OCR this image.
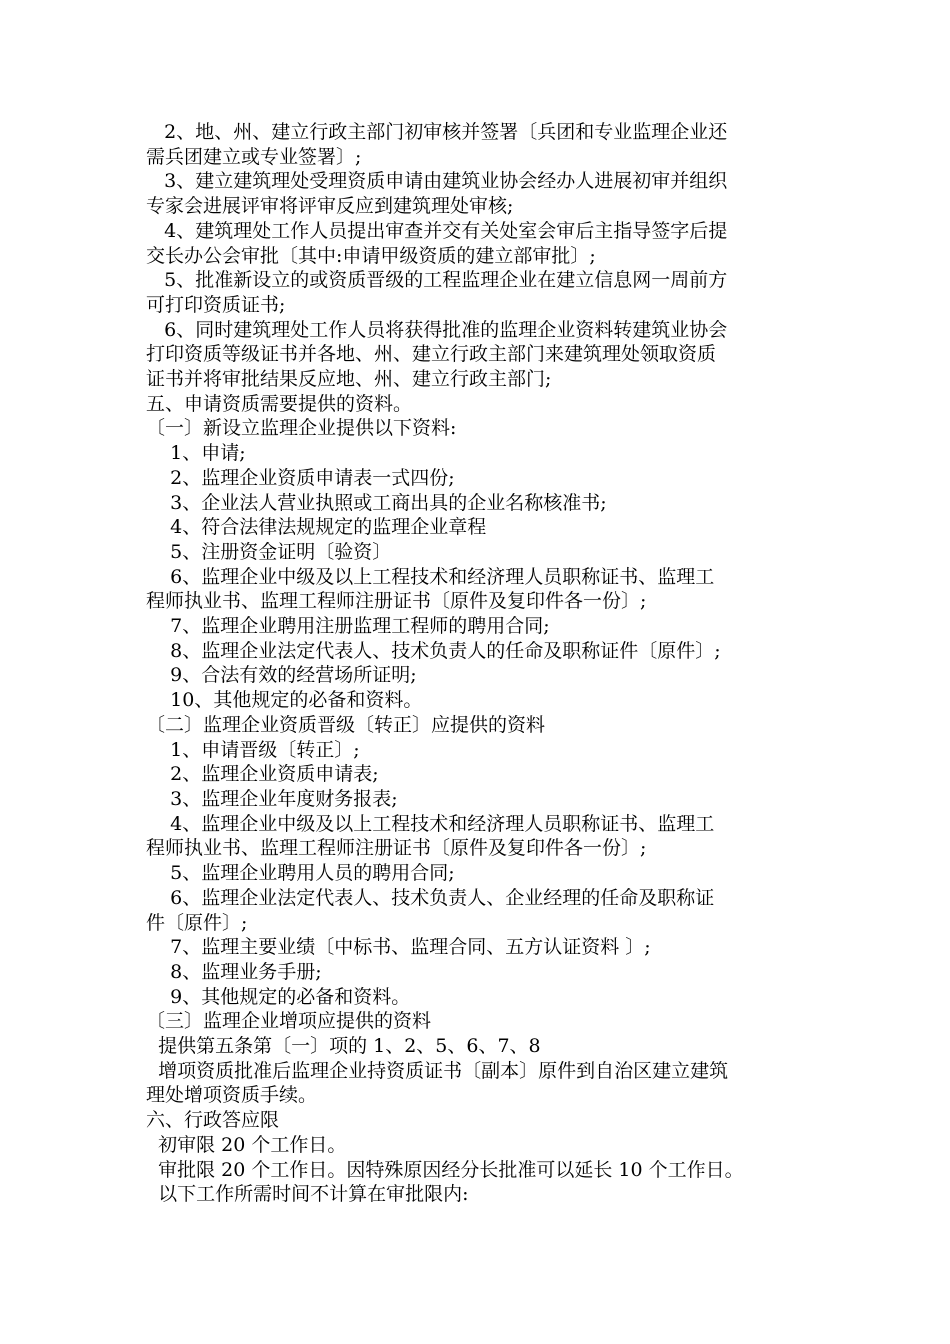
2、地、州、建立行政主部门初审核并签署〔兵团和专业监理企业还
需兵团建立或专业签署〕;
3、建立建筑理处受理资质申请由建筑业协会经办人进展初审并组织
专家会进展评审将评审反应到建筑理处审核;
4、建筑理处工作人员提出审查并交有关处室会审后主指导签字后提
交长办公会审批〔其中:申请甲级资质的建立部审批〕;
5、批准新设立的或资质晋级的工程监理企业在建立信息网一周前方
可打印资质证书;
6、同时建筑理处工作人员将获得批准的监理企业资料转建筑业协会
打印资质等级证书并各地、州、建立行政主部门来建筑理处领取资质
证书并将审批结果反应地、州、建立行政主部门;
五、申请资质需要提供的资料。
〔一〕新设立监理企业提供以下资料:
1、申请;
2、监理企业资质申请表一式四份;
3、企业法人营业执照或工商出具的企业名称核准书;
4、符合法律法规规定的监理企业章程
5、注册资金证明〔验资〕
6、监理企业中级及以上工程技术和经济理人员职称证书、监理工
程师执业书、监理工程师注册证书〔原件及复印件各一份〕;
7、监理企业聘用注册监理工程师的聘用合同;
8、监理企业法定代表人、技术负责人的任命及职称证件〔原件〕;
9、合法有效的经营场所证明;
10、其他规定的必备和资料。
〔二〕监理企业资质晋级〔转正〕应提供的资料
1、申请晋级〔转正〕;
2、监理企业资质申请表;
3、监理企业年度财务报表;
4、监理企业中级及以上工程技术和经济理人员职称证书、监理工
程师执业书、监理工程师注册证书〔原件及复印件各一份〕;
5、监理企业聘用人员的聘用合同;
6、监理企业法定代表人、技术负责人、企业经理的任命及职称证
件〔原件〕;
7、监理主要业绩〔中标书、监理合同、五方认证资料 〕;
8、监理业务手册;
9、其他规定的必备和资料。
〔三〕监理企业增项应提供的资料
提供第五条第〔一〕项的 1、2、5、6、7、8
增项资质批准后监理企业持资质证书〔副本〕原件到自治区建立建筑
理处增项资质手续。
六、行政答应限
初审限 20 个工作日。
审批限 20 个工作日。因特殊原因经分长批准可以延长 10 个工作日。
以下工作所需时间不计算在审批限内:
